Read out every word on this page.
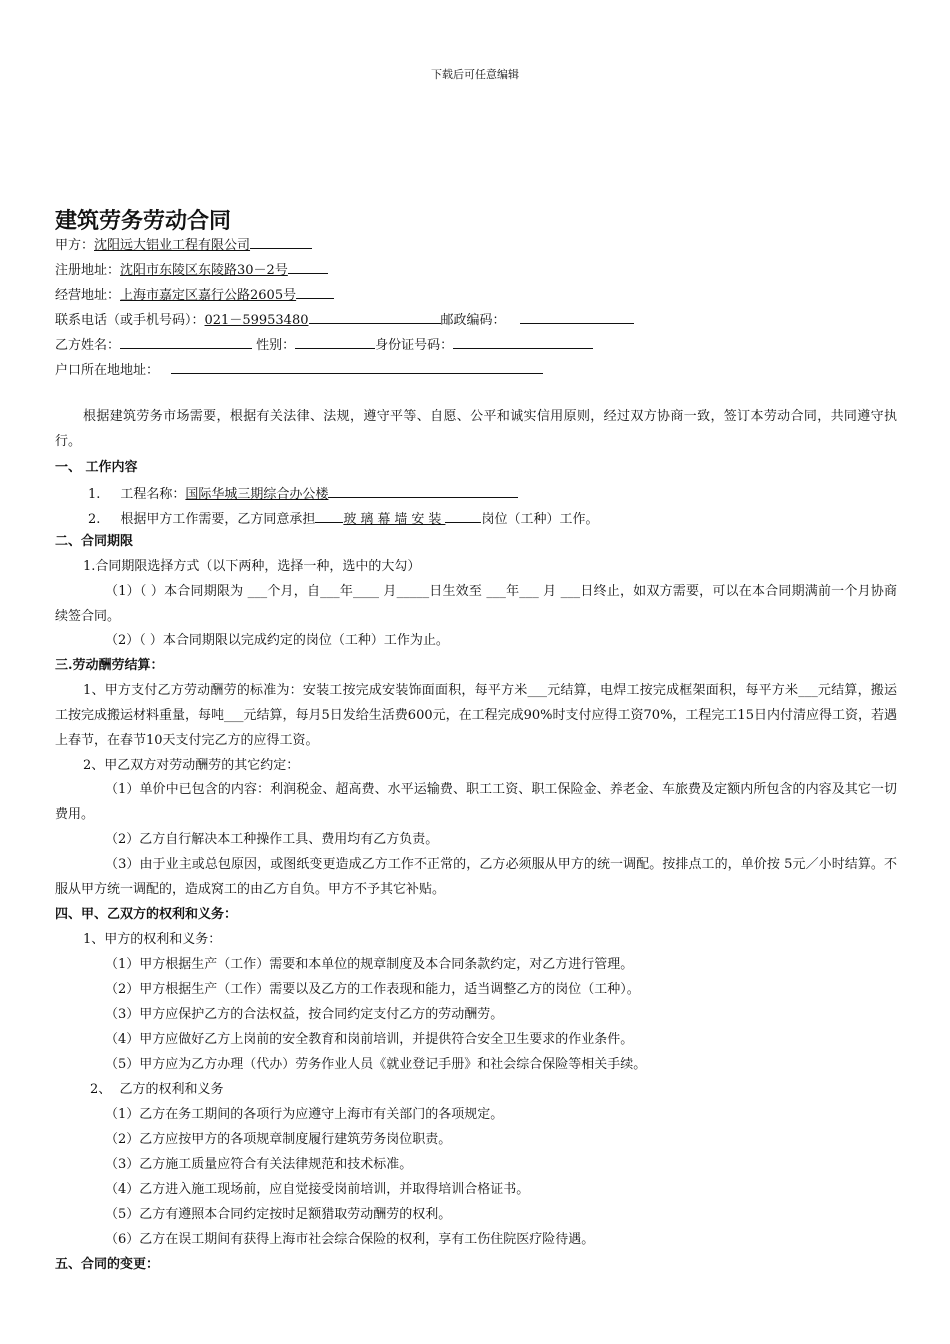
下载后可任意编辑
建筑劳务劳动合同
甲方：沈阳远大铝业工程有限公司
注册地址：沈阳市东陵区东陵路30－2号
经营地址：上海市嘉定区嘉行公路2605号
联系电话（或手机号码）：021－59953480	邮政编码：
乙方姓名：	性别：	身份证号码：
户口所在地地址：
根据建筑劳务市场需要，根据有关法律、法规，遵守平等、自愿、公平和诚实信用原则，经过双方协商一致，签订本劳动合同，共同遵守执行。
一、 工作内容
1. 工程名称：国际华城三期综合办公楼
2. 根据甲方工作需要，乙方同意承担 玻璃幕墙安装	岗位（工种）工作。
二、合同期限
1.合同期限选择方式（以下两种，选择一种，选中的大勾）
（1）（ ）本合同期限为 ___个月，自___年____ 月_____日生效至 ___年___ 月 ___日终止，如双方需要，可以在本合同期满前一个月协商续签合同。
（2）（ ）本合同期限以完成约定的岗位（工种）工作为止。
三.劳动酬劳结算：
1、甲方支付乙方劳动酬劳的标准为：安装工按完成安装饰面面积，每平方米___元结算，电焊工按完成框架面积，每平方米___元结算，搬运工按完成搬运材料重量，每吨___元结算，每月5日发给生活费600元，在工程完成90%时支付应得工资70%，工程完工15日内付清应得工资，若遇上春节，在春节10天支付完乙方的应得工资。
2、甲乙双方对劳动酬劳的其它约定：
（1）单价中已包含的内容：利润税金、超高费、水平运输费、职工工资、职工保险金、养老金、车旅费及定额内所包含的内容及其它一切费用。
（2）乙方自行解决本工种操作工具、费用均有乙方负责。
（3）由于业主或总包原因，或图纸变更造成乙方工作不正常的，乙方必须服从甲方的统一调配。按排点工的，单价按 5元／小时结算。不服从甲方统一调配的，造成窝工的由乙方自负。甲方不予其它补贴。
四、甲、乙双方的权利和义务：
1、甲方的权利和义务：
（1）甲方根据生产（工作）需要和本单位的规章制度及本合同条款约定，对乙方进行管理。
（2）甲方根据生产（工作）需要以及乙方的工作表现和能力，适当调整乙方的岗位（工种）。
（3）甲方应保护乙方的合法权益，按合同约定支付乙方的劳动酬劳。
（4）甲方应做好乙方上岗前的安全教育和岗前培训，并提供符合安全卫生要求的作业条件。
（5）甲方应为乙方办理（代办）劳务作业人员《就业登记手册》和社会综合保险等相关手续。
2、  乙方的权利和义务
（1）乙方在务工期间的各项行为应遵守上海市有关部门的各项规定。
（2）乙方应按甲方的各项规章制度履行建筑劳务岗位职责。
（3）乙方施工质量应符合有关法律规范和技术标准。
（4）乙方进入施工现场前，应自觉接受岗前培训，并取得培训合格证书。
（5）乙方有遵照本合同约定按时足额猎取劳动酬劳的权利。
（6）乙方在误工期间有获得上海市社会综合保险的权利，享有工伤住院医疗险待遇。
五、合同的变更：
